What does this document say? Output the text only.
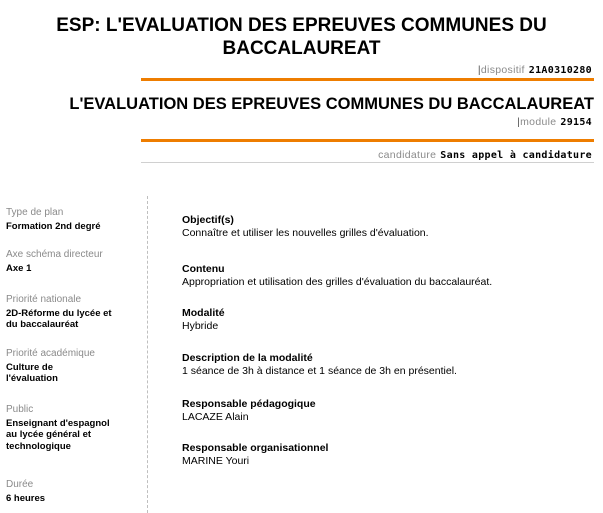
ESP: L'EVALUATION DES EPREUVES COMMUNES DU BACCALAUREAT
|dispositif 21A0310280
L'EVALUATION DES EPREUVES COMMUNES DU BACCALAUREAT
|module 29154
candidature Sans appel à candidature
Type de plan
Formation 2nd degré
Axe schéma directeur
Axe 1
Priorité nationale
2D-Réforme du lycée et du baccalauréat
Priorité académique
Culture de l'évaluation
Public
Enseignant d'espagnol au lycée général et technologique
Durée
6 heures
Objectif(s)
Connaître et utiliser les nouvelles grilles d'évaluation.
Contenu
Appropriation et utilisation des grilles d'évaluation du baccalauréat.
Modalité
Hybride
Description de la modalité
1 séance de 3h à distance et 1 séance de 3h en présentiel.
Responsable pédagogique
LACAZE Alain
Responsable organisationnel
MARINE Youri
